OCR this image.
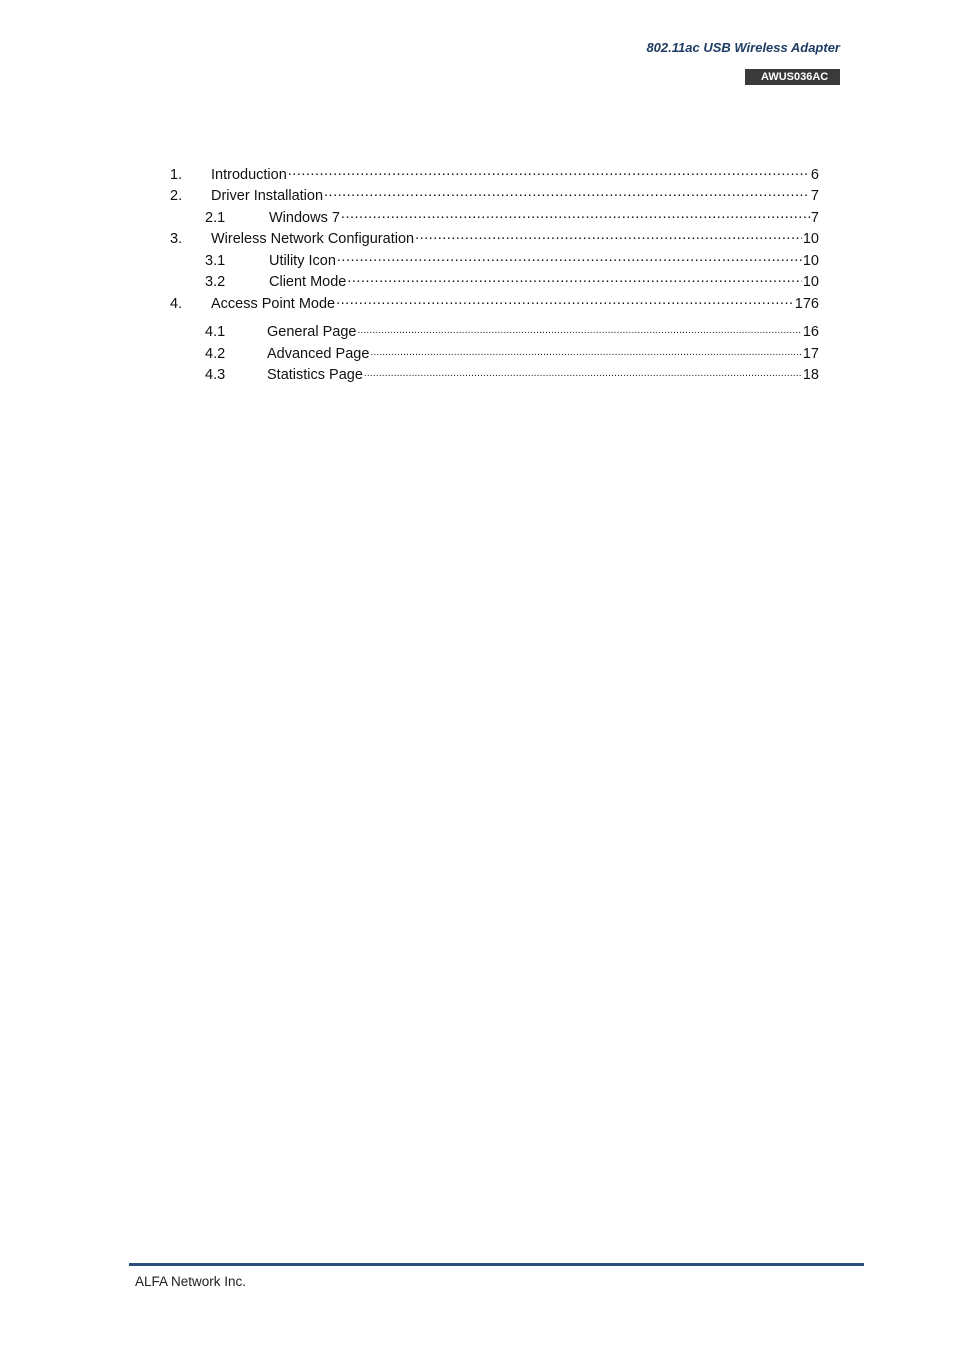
802.11ac USB Wireless Adapter
AWUS036AC
1.	Introduction .....	6
2.	Driver Installation .....	7
2.1	Windows 7 .....	7
3.	Wireless Network Configuration .....	10
3.1	Utility Icon .....	10
3.2	Client Mode .....	10
4.	Access Point Mode .....	176
4.1	General Page .....	16
4.2	Advanced Page .....	17
4.3	Statistics Page .....	18
ALFA Network Inc.
